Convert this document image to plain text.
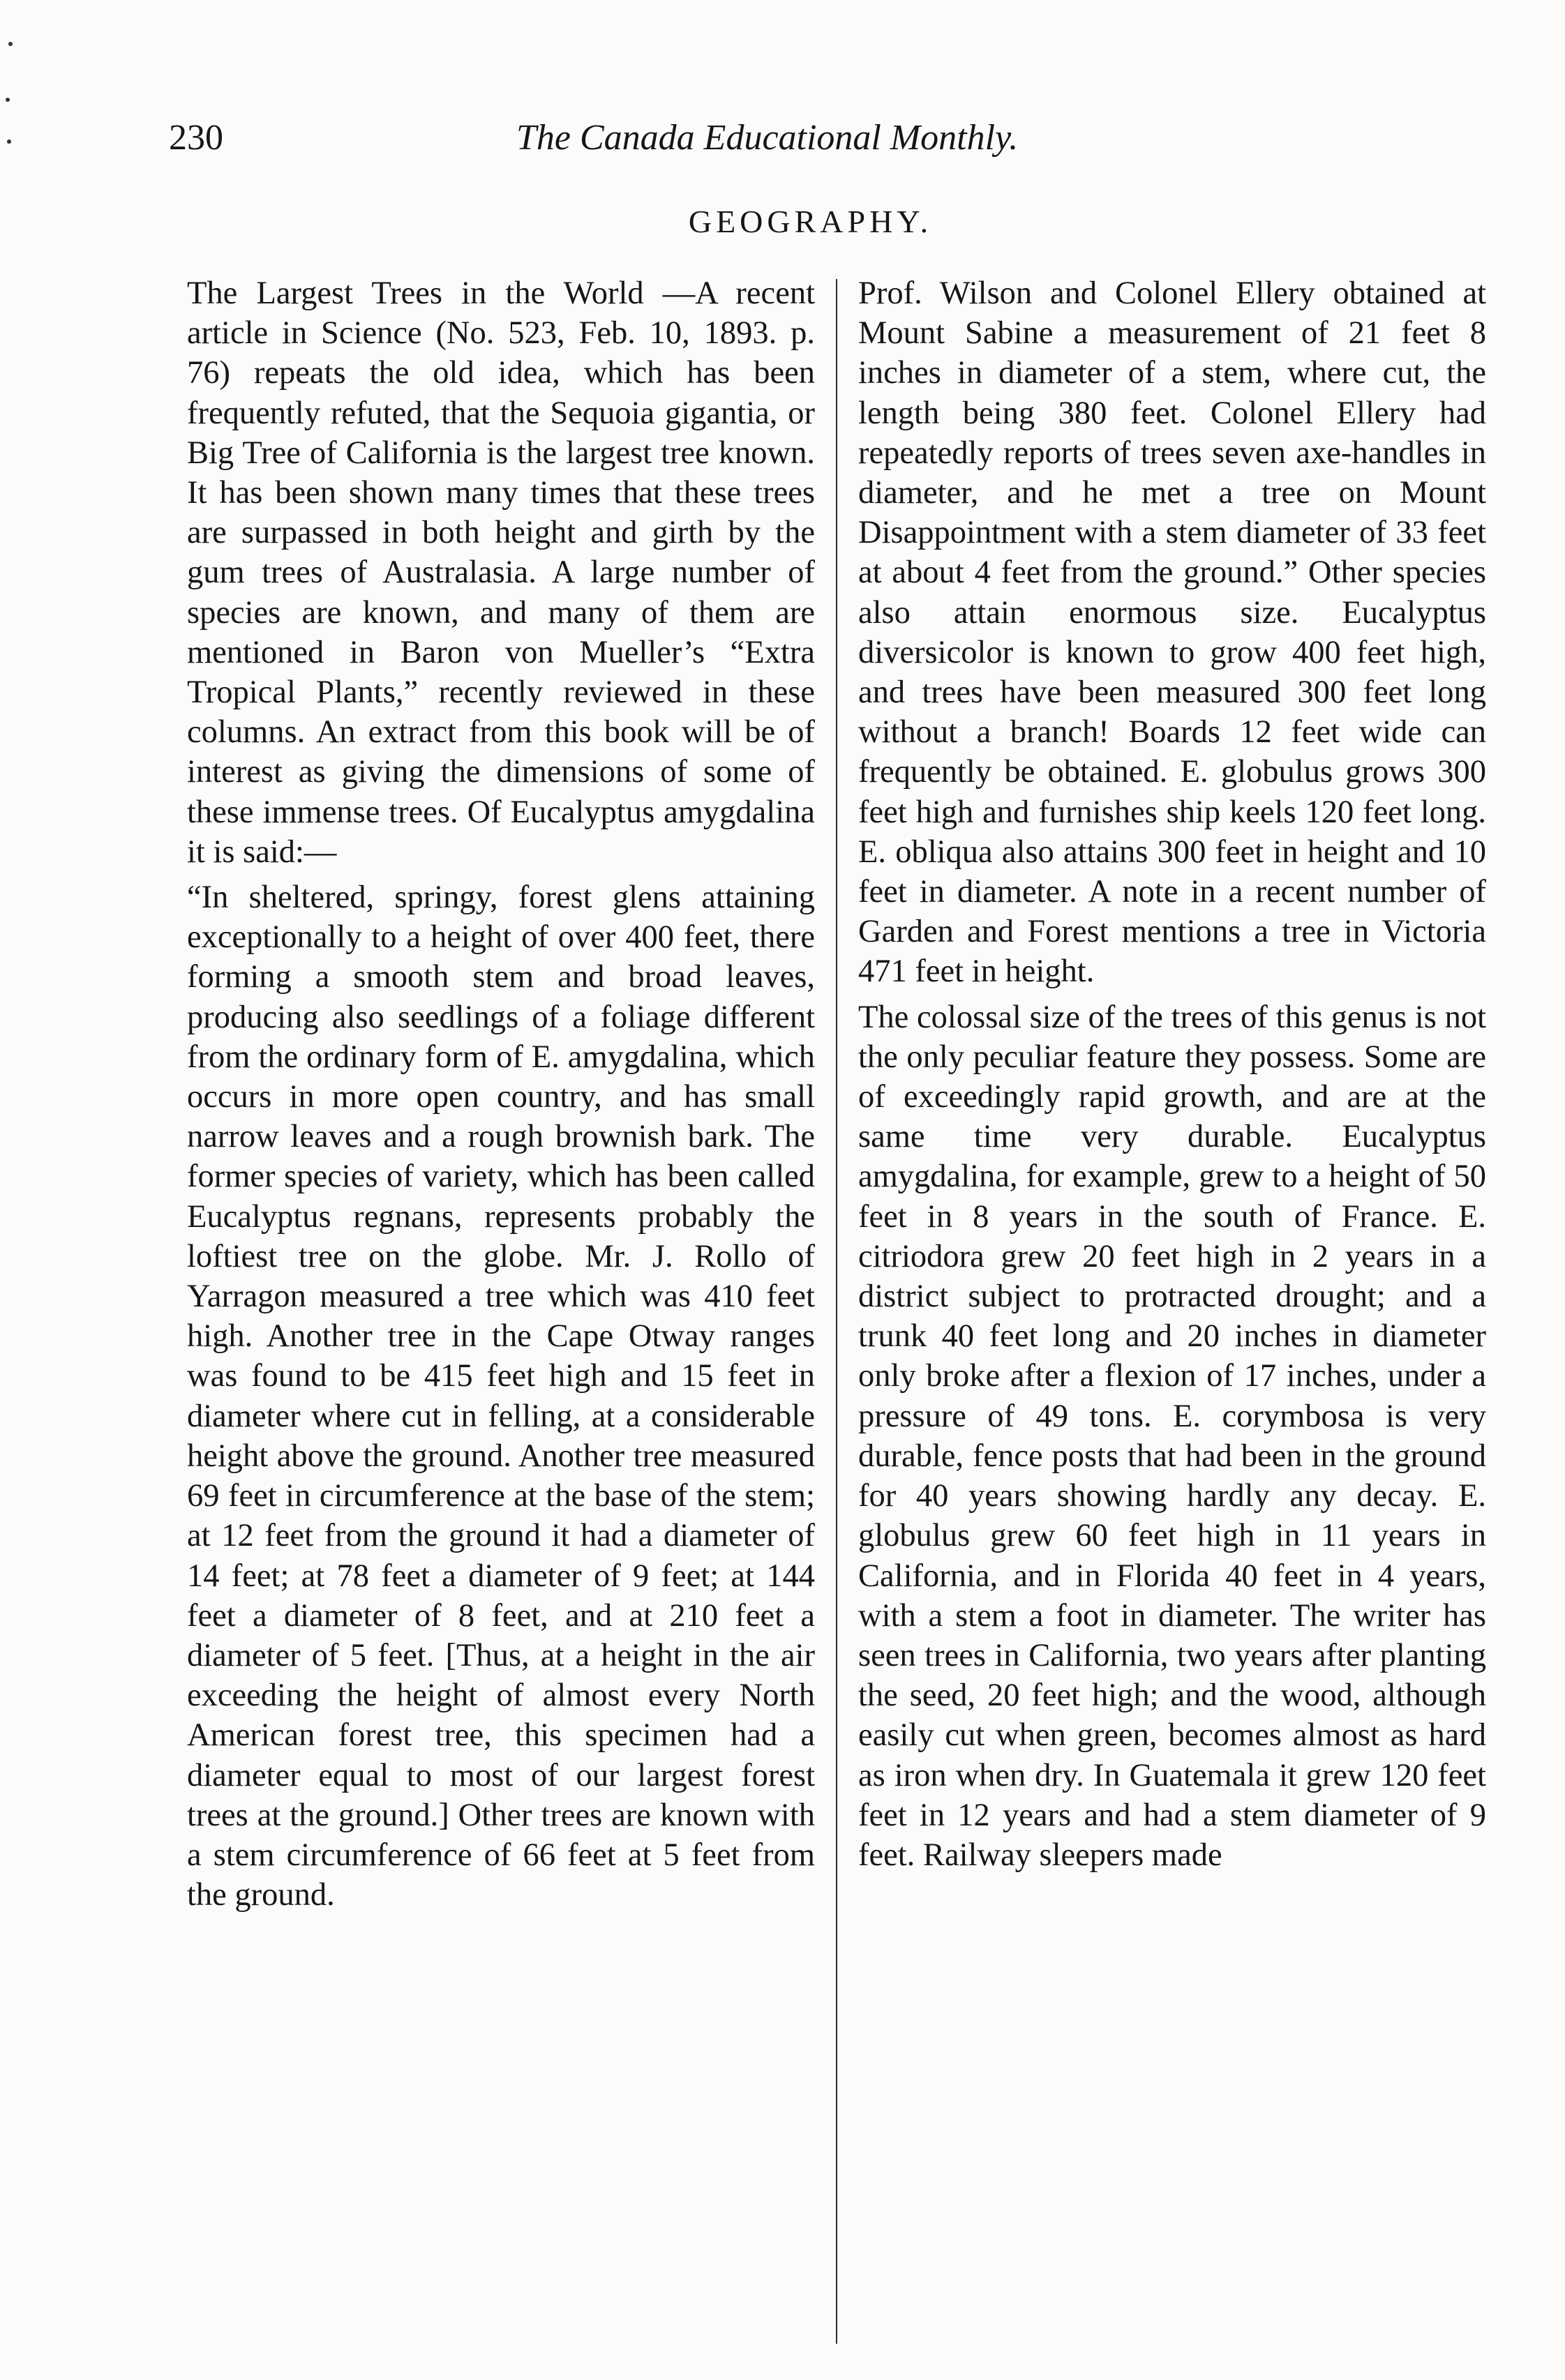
230	The Canada Educational Monthly.
GEOGRAPHY.

The Largest Trees in the World —A recent article in Science (No. 523, Feb. 10, 1893. p. 76) repeats the old idea, which has been frequently refuted, that the Sequoia gigantia, or Big Tree of California is the largest tree known. It has been shown many times that these trees are surpassed in both height and girth by the gum trees of Australasia. A large number of species are known, and many of them are mentioned in Baron von Mueller’s “Extra Tropical Plants,” recently reviewed in these columns. An extract from this book will be of interest as giving the dimensions of some of these immense trees. Of Eucalyptus amygdalina it is said:—

“In sheltered, springy, forest glens attaining exceptionally to a height of over 400 feet, there forming a smooth stem and broad leaves, producing also seedlings of a foliage different from the ordinary form of E. amygdalina, which occurs in more open country, and has small narrow leaves and a rough brownish bark. The former species of variety, which has been called Eucalyptus regnans, represents probably the loftiest tree on the globe. Mr. J. Rollo of Yarragon measured a tree which was 410 feet high. Another tree in the Cape Otway ranges was found to be 415 feet high and 15 feet in diameter where cut in felling, at a considerable height above the ground. Another tree measured 69 feet in circumference at the base of the stem; at 12 feet from the ground it had a diameter of 14 feet; at 78 feet a diameter of 9 feet; at 144 feet a diameter of 8 feet, and at 210 feet a diameter of 5 feet. [Thus, at a height in the air exceeding the height of almost every North American forest tree, this specimen had a diameter equal to most of our largest forest trees at the ground.] Other trees are known with a stem circumference of 66 feet at 5 feet from the ground.

Prof. Wilson and Colonel Ellery obtained at Mount Sabine a measurement of 21 feet 8 inches in diameter of a stem, where cut, the length being 380 feet. Colonel Ellery had repeatedly reports of trees seven axe-handles in diameter, and he met a tree on Mount Disappointment with a stem diameter of 33 feet at about 4 feet from the ground.” Other species also attain enormous size. Eucalyptus diversicolor is known to grow 400 feet high, and trees have been measured 300 feet long without a branch! Boards 12 feet wide can frequently be obtained. E. globulus grows 300 feet high and furnishes ship keels 120 feet long. E. obliqua also attains 300 feet in height and 10 feet in diameter. A note in a recent number of Garden and Forest mentions a tree in Victoria 471 feet in height.

The colossal size of the trees of this genus is not the only peculiar feature they possess. Some are of exceedingly rapid growth, and are at the same time very durable. Eucalyptus amygdalina, for example, grew to a height of 50 feet in 8 years in the south of France. E. citriodora grew 20 feet high in 2 years in a district subject to protracted drought; and a trunk 40 feet long and 20 inches in diameter only broke after a flexion of 17 inches, under a pressure of 49 tons. E. corymbosa is very durable, fence posts that had been in the ground for 40 years showing hardly any decay. E. globulus grew 60 feet high in 11 years in California, and in Florida 40 feet in 4 years, with a stem a foot in diameter. The writer has seen trees in California, two years after planting the seed, 20 feet high; and the wood, although easily cut when green, becomes almost as hard as iron when dry. In Guatemala it grew 120 feet feet in 12 years and had a stem diameter of 9 feet. Railway sleepers made
